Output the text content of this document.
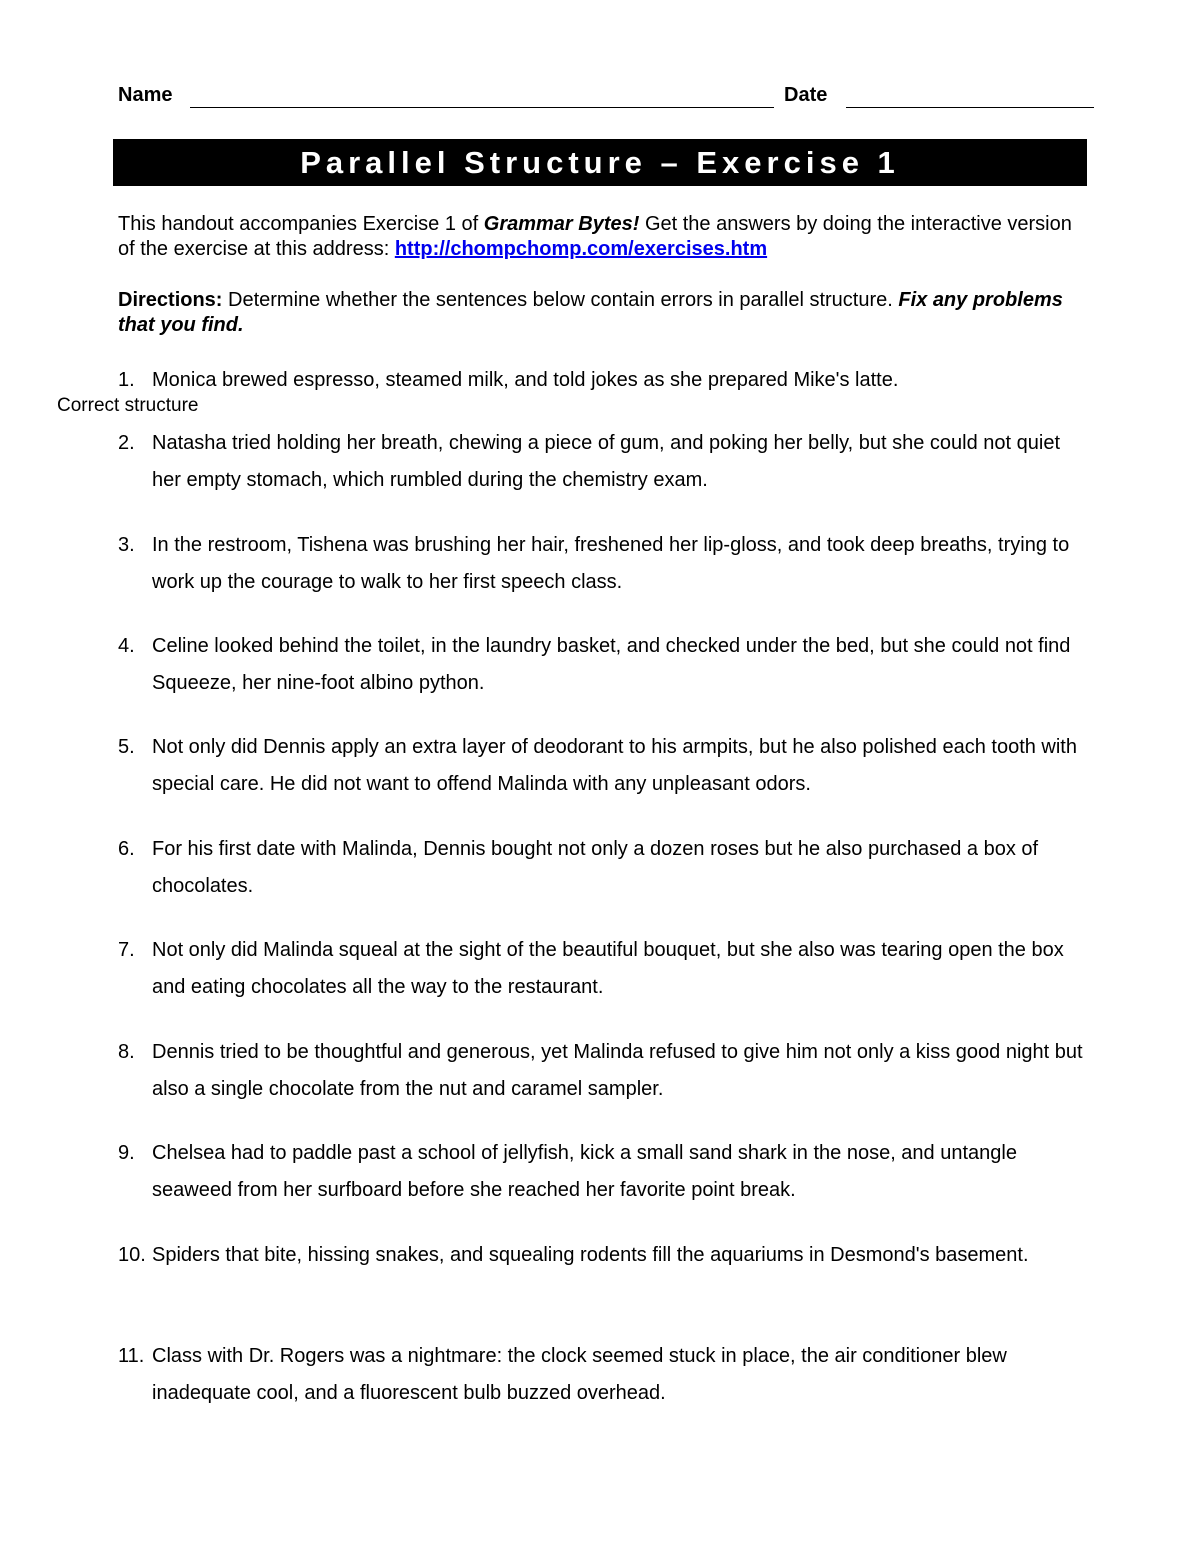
Name	Date
Parallel Structure – Exercise 1
This handout accompanies Exercise 1 of Grammar Bytes! Get the answers by doing the interactive version of the exercise at this address: http://chompchomp.com/exercises.htm
Directions: Determine whether the sentences below contain errors in parallel structure. Fix any problems that you find.
1. Monica brewed espresso, steamed milk, and told jokes as she prepared Mike's latte.
Correct structure
2. Natasha tried holding her breath, chewing a piece of gum, and poking her belly, but she could not quiet her empty stomach, which rumbled during the chemistry exam.
3. In the restroom, Tishena was brushing her hair, freshened her lip-gloss, and took deep breaths, trying to work up the courage to walk to her first speech class.
4. Celine looked behind the toilet, in the laundry basket, and checked under the bed, but she could not find Squeeze, her nine-foot albino python.
5. Not only did Dennis apply an extra layer of deodorant to his armpits, but he also polished each tooth with special care. He did not want to offend Malinda with any unpleasant odors.
6. For his first date with Malinda, Dennis bought not only a dozen roses but he also purchased a box of chocolates.
7. Not only did Malinda squeal at the sight of the beautiful bouquet, but she also was tearing open the box and eating chocolates all the way to the restaurant.
8. Dennis tried to be thoughtful and generous, yet Malinda refused to give him not only a kiss good night but also a single chocolate from the nut and caramel sampler.
9. Chelsea had to paddle past a school of jellyfish, kick a small sand shark in the nose, and untangle seaweed from her surfboard before she reached her favorite point break.
10. Spiders that bite, hissing snakes, and squealing rodents fill the aquariums in Desmond's basement.
11. Class with Dr. Rogers was a nightmare: the clock seemed stuck in place, the air conditioner blew inadequate cool, and a fluorescent bulb buzzed overhead.
